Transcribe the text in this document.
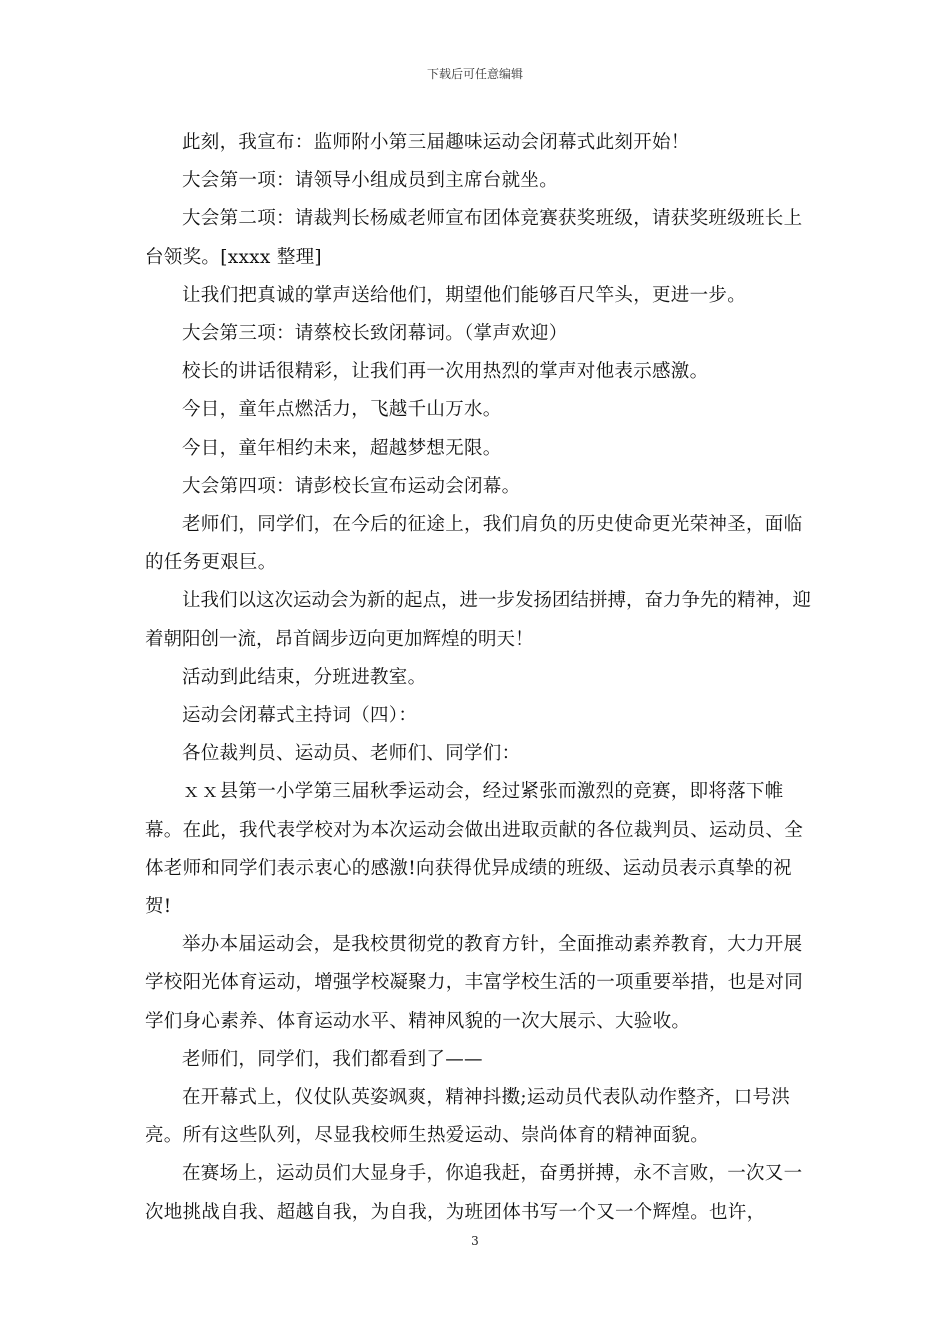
下载后可任意编辑

此刻，我宣布：监师附小第三届趣味运动会闭幕式此刻开始！

大会第一项：请领导小组成员到主席台就坐。

大会第二项：请裁判长杨威老师宣布团体竞赛获奖班级，请获奖班级班长上台领奖。[xxxx 整理]

让我们把真诚的掌声送给他们，期望他们能够百尺竿头，更进一步。

大会第三项：请蔡校长致闭幕词。（掌声欢迎）

校长的讲话很精彩，让我们再一次用热烈的掌声对他表示感激。

今日，童年点燃活力，飞越千山万水。

今日，童年相约未来，超越梦想无限。

大会第四项：请彭校长宣布运动会闭幕。

老师们，同学们，在今后的征途上，我们肩负的历史使命更光荣神圣，面临的任务更艰巨。

让我们以这次运动会为新的起点，进一步发扬团结拼搏，奋力争先的精神，迎着朝阳创一流，昂首阔步迈向更加辉煌的明天！

活动到此结束，分班进教室。

运动会闭幕式主持词（四）：

各位裁判员、运动员、老师们、同学们：

ｘｘ县第一小学第三届秋季运动会，经过紧张而激烈的竞赛，即将落下帷幕。在此，我代表学校对为本次运动会做出进取贡献的各位裁判员、运动员、全体老师和同学们表示衷心的感激!向获得优异成绩的班级、运动员表示真挚的祝贺!

举办本届运动会，是我校贯彻党的教育方针，全面推动素养教育，大力开展学校阳光体育运动，增强学校凝聚力，丰富学校生活的一项重要举措，也是对同学们身心素养、体育运动水平、精神风貌的一次大展示、大验收。

老师们，同学们，我们都看到了——

在开幕式上，仪仗队英姿飒爽，精神抖擞;运动员代表队动作整齐，口号洪亮。所有这些队列，尽显我校师生热爱运动、崇尚体育的精神面貌。

在赛场上，运动员们大显身手，你追我赶，奋勇拼搏，永不言败，一次又一次地挑战自我、超越自我，为自我，为班团体书写一个又一个辉煌。也许，

3
